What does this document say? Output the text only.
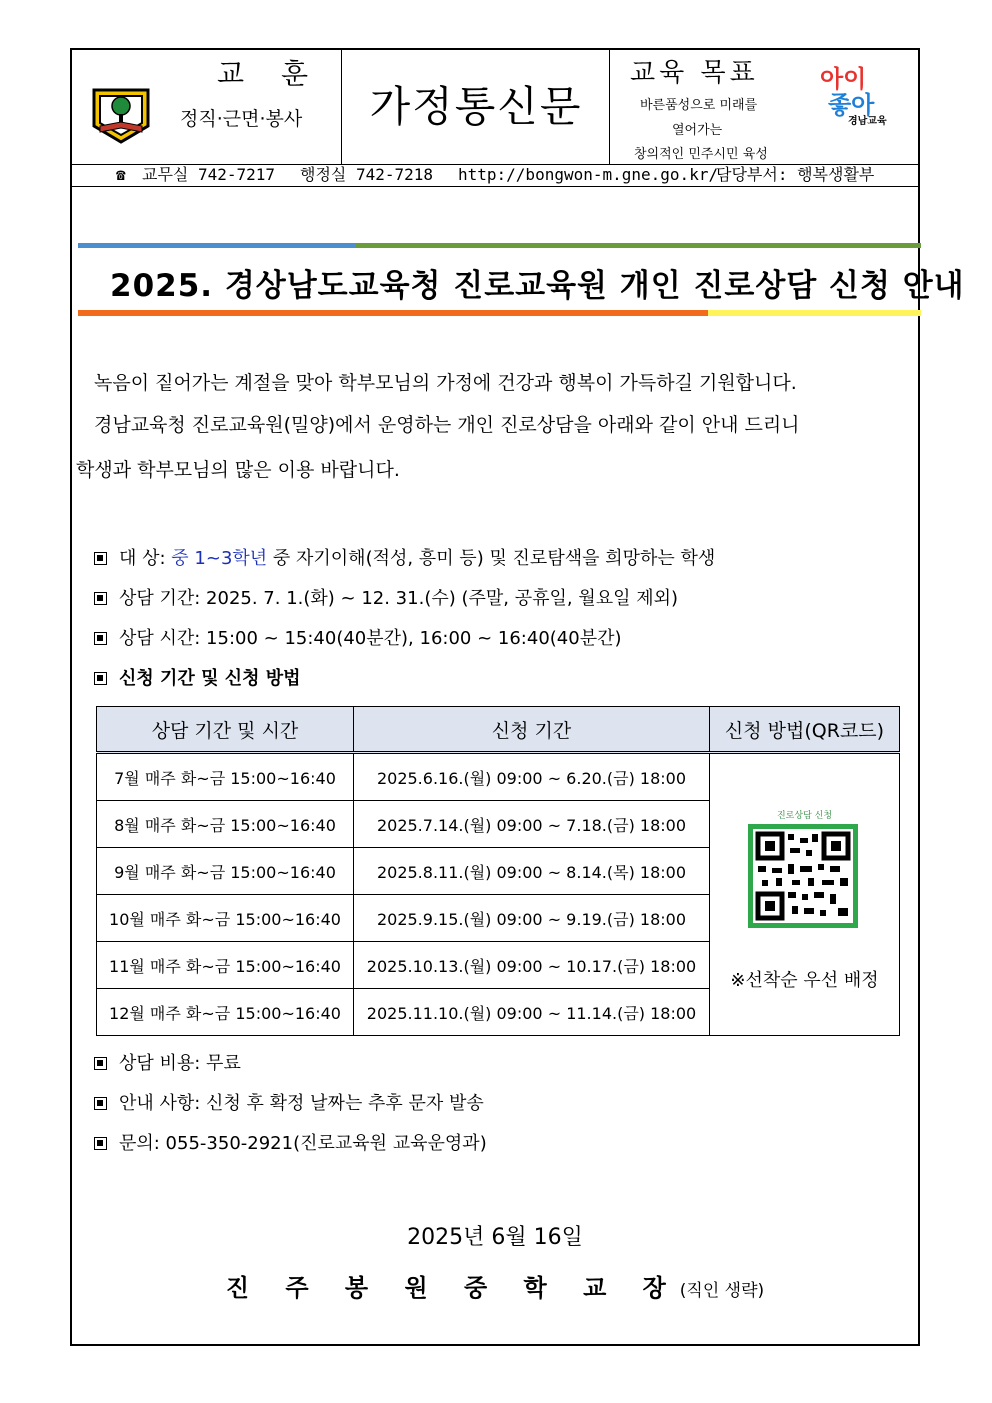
교 훈
정직·근면·봉사	가정통신문
교육 목표
바른품성으로 미래를
열어가는
창의적인 민주시민 육성
아이
좋아
경남교육
☎ 교무실 742-7217 행정실 742-7218 http://bongwon-m.gne.go.kr/
담당부서: 행복생활부
2025. 경상남도교육청 진로교육원 개인 진로상담 신청 안내
녹음이 짙어가는 계절을 맞아 학부모님의 가정에 건강과 행복이 가득하길 기원합니다.
경남교육청 진로교육원(밀양)에서 운영하는 개인 진로상담을 아래와 같이 안내 드리니
학생과 학부모님의 많은 이용 바랍니다.
대 상: 중 1~3학년 중 자기이해(적성, 흥미 등) 및 진로탐색을 희망하는 학생
상담 기간: 2025. 7. 1.(화) ~ 12. 31.(수) (주말, 공휴일, 월요일 제외)
상담 시간: 15:00 ~ 15:40(40분간), 16:00 ~ 16:40(40분간)
신청 기간 및 신청 방법
상담 기간 및 시간	신청 기간	신청 방법(QR코드)
7월 매주 화~금 15:00~16:40	2025.6.16.(월) 09:00 ~ 6.20.(금) 18:00	진로상담 신청
※선착순 우선 배정

8월 매주 화~금 15:00~16:40	2025.7.14.(월) 09:00 ~ 7.18.(금) 18:00	
9월 매주 화~금 15:00~16:40	2025.8.11.(월) 09:00 ~ 8.14.(목) 18:00	
10월 매주 화~금 15:00~16:40	2025.9.15.(월) 09:00 ~ 9.19.(금) 18:00	
11월 매주 화~금 15:00~16:40	2025.10.13.(월) 09:00 ~ 10.17.(금) 18:00	
12월 매주 화~금 15:00~16:40	2025.11.10.(월) 09:00 ~ 11.14.(금) 18:00	
상담 비용: 무료
안내 사항: 신청 후 확정 날짜는 추후 문자 발송
문의: 055-350-2921(진로교육원 교육운영과)
2025년 6월 16일
진 주 봉 원 중 학 교 장(직인 생략)
